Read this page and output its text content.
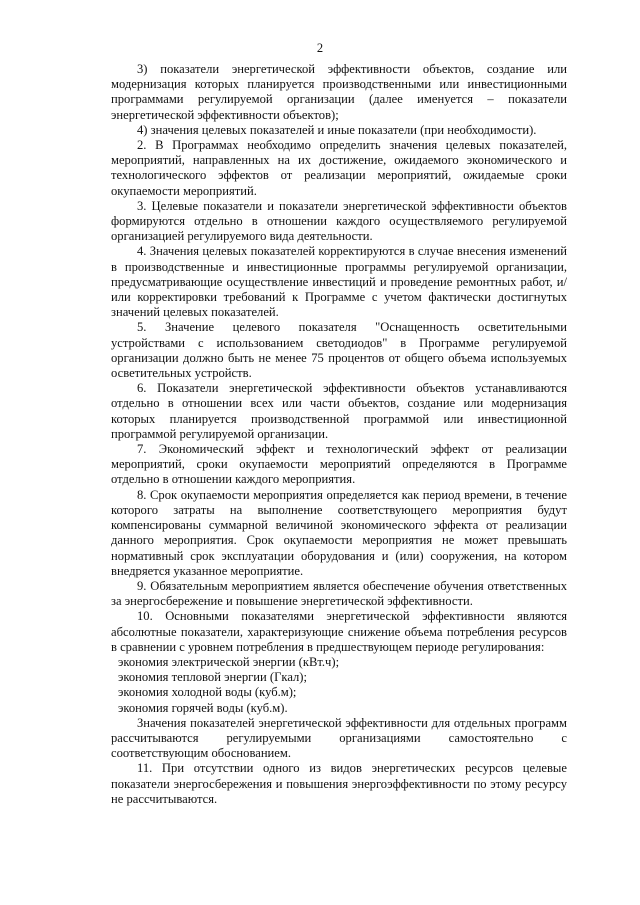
2

3) показатели энергетической эффективности объектов, создание или модернизация которых планируется производственными или инвестиционными программами регулируемой организации (далее именуется – показатели энергетической эффективности объектов);

4) значения целевых показателей и иные показатели (при необходимости).

2. В Программах необходимо определить значения целевых показателей, мероприятий, направленных на их достижение, ожидаемого экономического и технологического эффектов от реализации мероприятий, ожидаемые сроки окупаемости мероприятий.

3. Целевые показатели и показатели энергетической эффективности объектов формируются отдельно в отношении каждого осуществляемого регулируемой организацией регулируемого вида деятельности.

4. Значения целевых показателей корректируются в случае внесения изменений в производственные и инвестиционные программы регулируемой организации, предусматривающие осуществление инвестиций и проведение ремонтных работ, и/или корректировки требований к Программе с учетом фактически достигнутых значений целевых показателей.

5. Значение целевого показателя "Оснащенность осветительными устройствами с использованием светодиодов" в Программе регулируемой организации должно быть не менее 75 процентов от общего объема используемых осветительных устройств.

6. Показатели энергетической эффективности объектов устанавливаются отдельно в отношении всех или части объектов, создание или модернизация которых планируется производственной программой или инвестиционной программой регулируемой организации.

7. Экономический эффект и технологический эффект от реализации мероприятий, сроки окупаемости мероприятий определяются в Программе отдельно в отношении каждого мероприятия.

8. Срок окупаемости мероприятия определяется как период времени, в течение которого затраты на выполнение соответствующего мероприятия будут компенсированы суммарной величиной экономического эффекта от реализации данного мероприятия. Срок окупаемости мероприятия не может превышать нормативный срок эксплуатации оборудования и (или) сооружения, на котором внедряется указанное мероприятие.

9. Обязательным мероприятием является обеспечение обучения ответственных за энергосбережение и повышение энергетической эффективности.

10. Основными показателями энергетической эффективности являются абсолютные показатели, характеризующие снижение объема потребления ресурсов в сравнении с уровнем потребления в предшествующем периоде регулирования:

экономия электрической энергии (кВт.ч);

экономия тепловой энергии (Гкал);

экономия холодной воды (куб.м);

экономия горячей воды (куб.м).

Значения показателей энергетической эффективности для отдельных программ рассчитываются регулируемыми организациями самостоятельно с соответствующим обоснованием.

11. При отсутствии одного из видов энергетических ресурсов целевые показатели энергосбережения и повышения энергоэффективности по этому ресурсу не рассчитываются.
